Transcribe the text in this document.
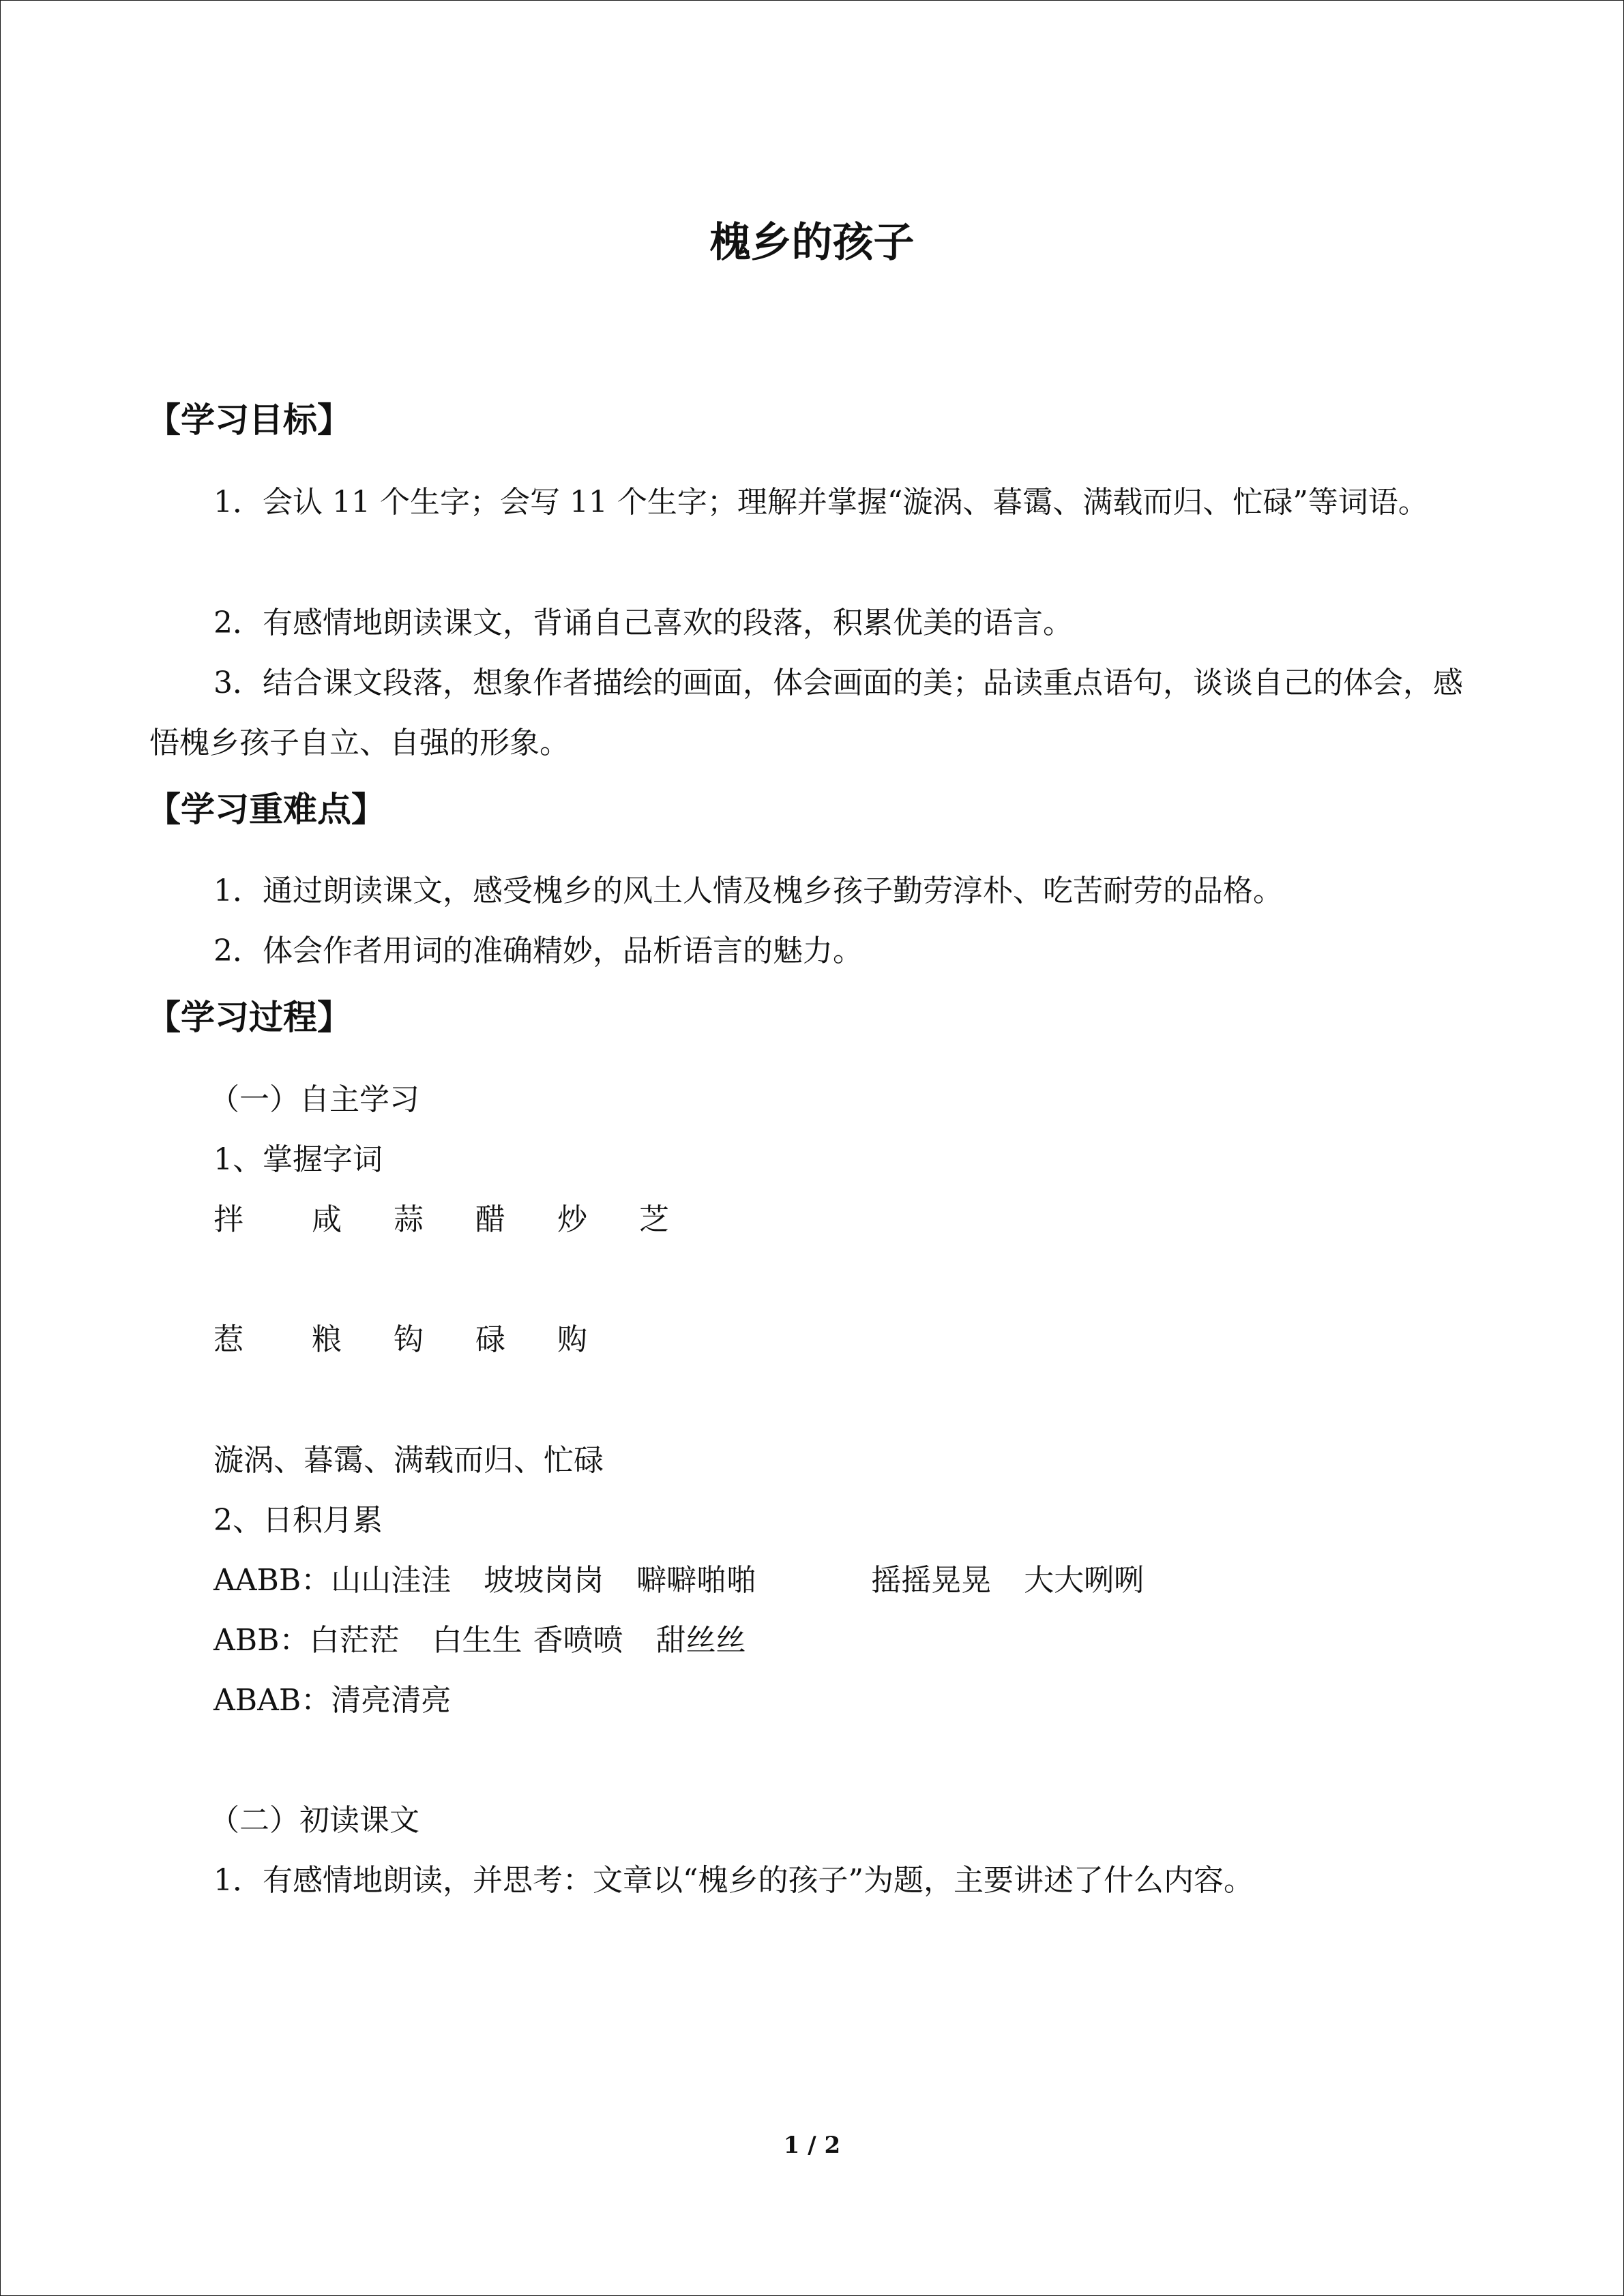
槐乡的孩子
【学习目标】
1．会认 11 个生字；会写 11 个生字；理解并掌握“漩涡、暮霭、满载而归、忙碌”等词语。
2．有感情地朗读课文，背诵自己喜欢的段落，积累优美的语言。
3．结合课文段落，想象作者描绘的画面，体会画面的美；品读重点语句，谈谈自己的体会，感悟槐乡孩子自立、自强的形象。
【学习重难点】
1．通过朗读课文，感受槐乡的风土人情及槐乡孩子勤劳淳朴、吃苦耐劳的品格。
2．体会作者用词的准确精妙，品析语言的魅力。
【学习过程】
（一）自主学习
1、掌握字词
拌 咸 蒜 醋 炒 芝
惹 粮 钩 碌 购
漩涡、暮霭、满载而归、忙碌
2、日积月累
AABB：山山洼洼 坡坡岗岗 噼噼啪啪	摇摇晃晃 大大咧咧
ABB：白茫茫 白生生 香喷喷 甜丝丝
ABAB：清亮清亮
（二）初读课文
1．有感情地朗读，并思考：文章以“槐乡的孩子”为题，主要讲述了什么内容。
1 / 2
